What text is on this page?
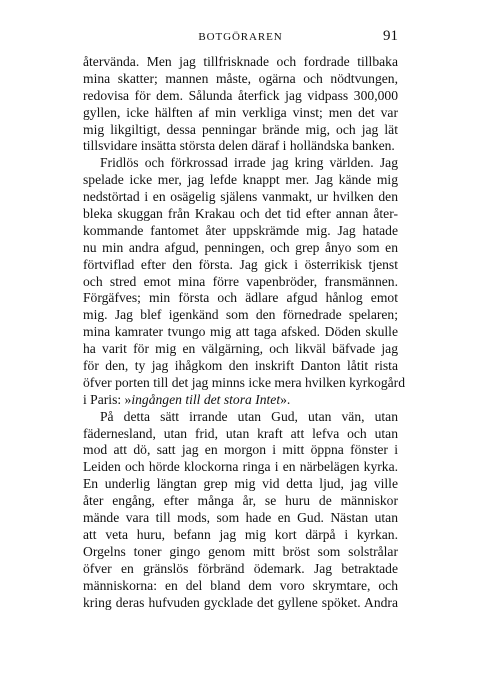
BOTGÖRAREN	91
återvända. Men jag tillfrisknade och fordrade tillbaka
mina skatter; mannen måste, ogärna och nödtvungen,
redovisa för dem. Sålunda återfick jag vidpass 300,000
gyllen, icke hälften af min verkliga vinst; men det var
mig likgiltigt, dessa penningar brände mig, och jag lät
tillsvidare insätta största delen däraf i holländska banken.
Fridlös och förkrossad irrade jag kring världen. Jag
spelade icke mer, jag lefde knappt mer. Jag kände mig
nedstörtad i en osägelig själens vanmakt, ur hvilken den
bleka skuggan från Krakau och det tid efter annan åter-
kommande fantomet åter uppskrämde mig. Jag hatade
nu min andra afgud, penningen, och grep ånyo som en
förtviflad efter den första. Jag gick i österrikisk tjenst
och stred emot mina förre vapenbröder, fransmännen.
Förgäfves; min första och ädlare afgud hånlog emot
mig. Jag blef igenkänd som den förnedrade spelaren;
mina kamrater tvungo mig att taga afsked. Döden skulle
ha varit för mig en välgärning, och likväl bäfvade jag
för den, ty jag ihågkom den inskrift Danton låtit rista
öfver porten till det jag minns icke mera hvilken kyrkogård
i Paris: »ingången till det stora Intet».
På detta sätt irrande utan Gud, utan vän, utan
fädernesland, utan frid, utan kraft att lefva och utan
mod att dö, satt jag en morgon i mitt öppna fönster i
Leiden och hörde klockorna ringa i en närbelägen kyrka.
En underlig längtan grep mig vid detta ljud, jag ville
åter engång, efter många år, se huru de människor
mände vara till mods, som hade en Gud. Nästan utan
att veta huru, befann jag mig kort därpå i kyrkan.
Orgelns toner gingo genom mitt bröst som solstrålar
öfver en gränslös förbränd ödemark. Jag betraktade
människorna: en del bland dem voro skrymtare, och
kring deras hufvuden gycklade det gyllene spöket. Andra
